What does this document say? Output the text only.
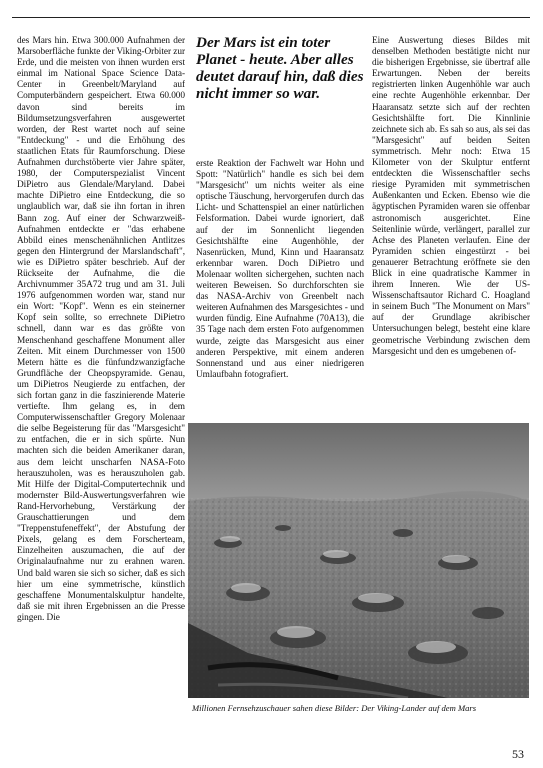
des Mars hin. Etwa 300.000 Aufnahmen der Marsoberfläche funkte der Viking-Orbiter zur Erde, und die meisten von ihnen wurden erst einmal im National Space Science Data-Center in Greenbelt/Maryland auf Computerbändern gespeichert. Etwa 60.000 davon sind bereits im Bildumsetzungsverfahren ausgewertet worden, der Rest wartet noch auf seine "Entdeckung" - und die Erhöhung des staatlichen Etats für Raumforschung. Diese Aufnahmen durchstöberte vier Jahre später, 1980, der Computerspezialist Vincent DiPietro aus Glendale/Maryland. Dabei machte DiPietro eine Entdeckung, die so unglaublich war, daß sie ihn fortan in ihren Bann zog. Auf einer der Schwarzweiß-Aufnahmen entdeckte er "das erhabene Abbild eines menschenähnlichen Antlitzes gegen den Hintergrund der Marslandschaft", wie es DiPietro später beschrieb. Auf der Rückseite der Aufnahme, die die Archivnummer 35A72 trug und am 31. Juli 1976 aufgenommen worden war, stand nur ein Wort: "Kopf". Wenn es ein steinerner Kopf sein sollte, so errechnete DiPietro schnell, dann war es das größte von Menschenhand geschaffene Monument aller Zeiten. Mit einem Durchmesser von 1500 Metern hätte es die fünfundzwanzigfache Grundfläche der Cheopspyramide. Genau, um DiPietros Neugierde zu entfachen, der sich fortan ganz in die faszinierende Materie vertiefte. Ihm gelang es, in dem Computerwissenschaftler Gregory Molenaar die selbe Begeisterung für das "Marsgesicht" zu entfachen, die er in sich spürte. Nun machten sich die beiden Amerikaner daran, aus dem leicht unscharfen NASA-Foto herauszuholen, was es herauszuholen gab. Mit Hilfe der Digital-Computertechnik und modernster Bild-Auswertungsverfahren wie Rand-Hervorhebung, Verstärkung der Grauschattierungen und dem "Treppenstufeneffekt", der Abstufung der Pixels, gelang es dem Forscherteam, Einzelheiten auszumachen, die auf der Originalaufnahme nur zu erahnen waren. Und bald waren sie sich so sicher, daß es sich hier um eine symmetrische, künstlich geschaffene Monumentalskulptur handelte, daß sie mit ihren Ergebnissen an die Presse gingen. Die

Der Mars ist ein toter Planet - heute. Aber alles deutet darauf hin, daß dies nicht immer so war.

erste Reaktion der Fachwelt war Hohn und Spott: "Natürlich" handle es sich bei dem "Marsgesicht" um nichts weiter als eine optische Täuschung, hervorgerufen durch das Licht- und Schattenspiel an einer natürlichen Felsformation. Dabei wurde ignoriert, daß auf der im Sonnenlicht liegenden Gesichtshälfte eine Augenhöhle, der Nasenrücken, Mund, Kinn und Haaransatz erkennbar waren. Doch DiPietro und Molenaar wollten sichergehen, suchten nach weiteren Beweisen. So durchforschten sie das NASA-Archiv von Greenbelt nach weiteren Aufnahmen des Marsgesichtes - und wurden fündig. Eine Aufnahme (70A13), die 35 Tage nach dem ersten Foto aufgenommen wurde, zeigte das Marsgesicht aus einer anderen Perspektive, mit einem anderen Sonnenstand und aus einer niedrigeren Umlaufbahn fotografiert.

Eine Auswertung dieses Bildes mit denselben Methoden bestätigte nicht nur die bisherigen Ergebnisse, sie übertraf alle Erwartungen. Neben der bereits registrierten linken Augenhöhle war auch eine rechte Augenhöhle erkennbar. Der Haaransatz setzte sich auf der rechten Gesichtshälfte fort. Die Kinnlinie zeichnete sich ab. Es sah so aus, als sei das "Marsgesicht" auf beiden Seiten symmetrisch. Mehr noch: Etwa 15 Kilometer von der Skulptur entfernt entdeckten die Wissenschaftler sechs riesige Pyramiden mit symmetrischen Außenkanten und Ecken. Ebenso wie die ägyptischen Pyramiden waren sie offenbar astronomisch ausgerichtet. Eine Seitenlinie würde, verlängert, parallel zur Achse des Planeten verlaufen. Eine der Pyramiden schien eingestürzt - bei genauerer Betrachtung eröffnete sie den Blick in eine quadratische Kammer in ihrem Inneren. Wie der US-Wissenschaftsautor Richard C. Hoagland in seinem Buch "The Monument on Mars" auf der Grundlage akribischer Untersuchungen belegt, besteht eine klare geometrische Verbindung zwischen dem Marsgesicht und den es umgebenen of-

Millionen Fernsehzuschauer sahen diese Bilder: Der Viking-Lander auf dem Mars
53
